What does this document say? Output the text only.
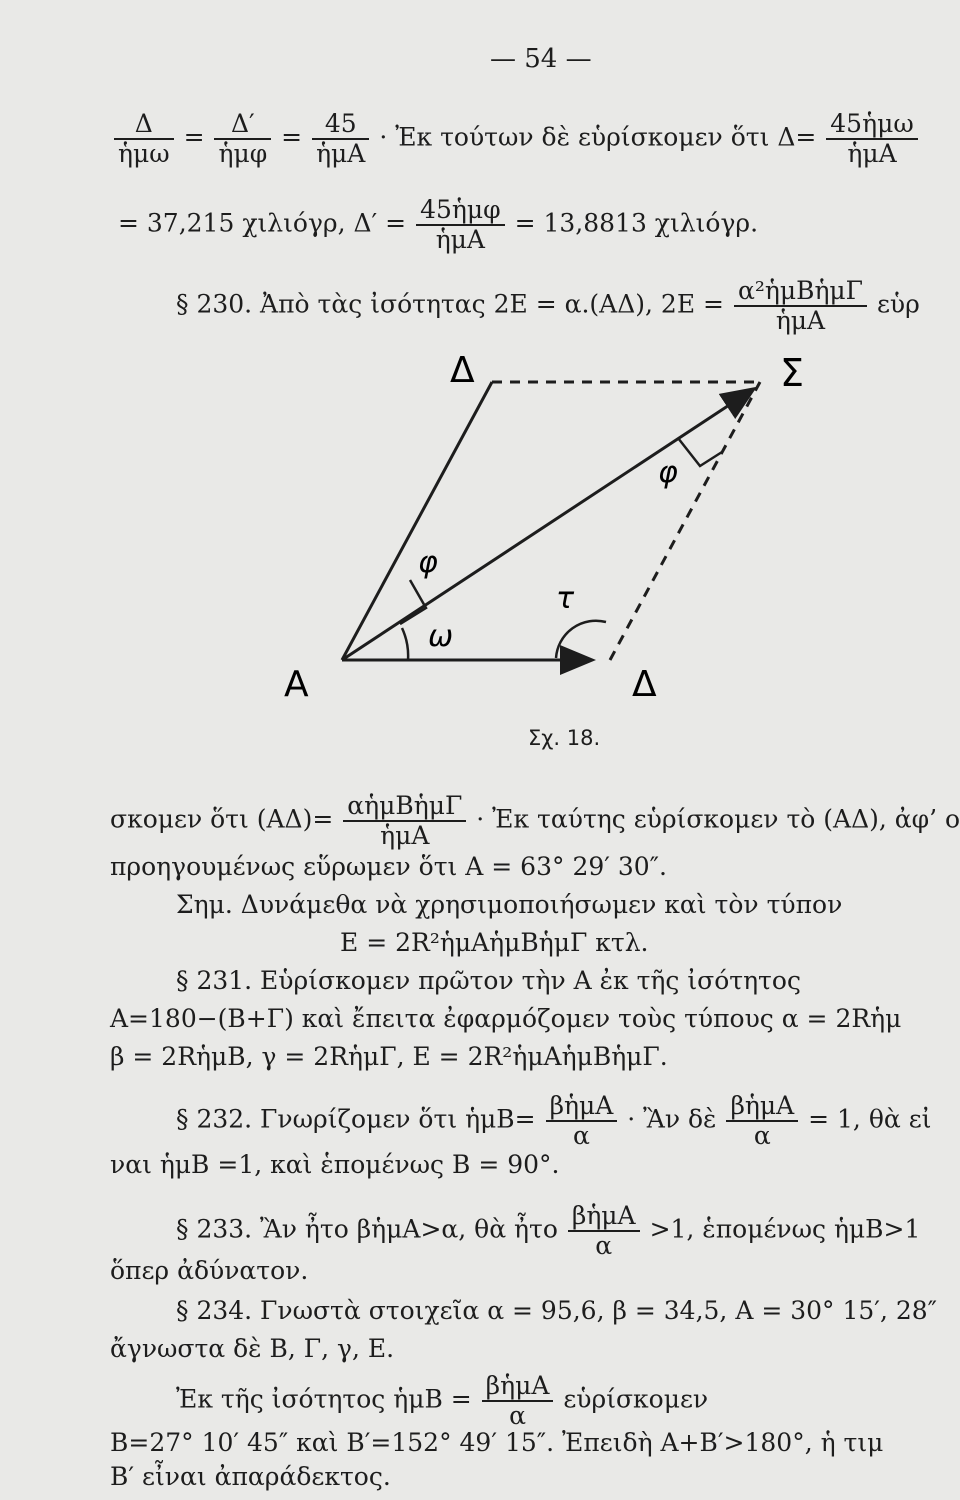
— 54 —
$\frac{\Delta}{\text{ἡμω}} = \frac{\Delta'}{\text{ἡμφ}} = \frac{45}{\text{ἡμΑ}}$ · Ἐκ τούτων δὲ εὑρίσκομεν ὅτι $\Delta= \frac{\text{45ἡμω}}{\text{ἡμΑ}}$
= 37,215 χιλιόγρ, $\Delta' = \frac{\text{45ἡμφ}}{\text{ἡμΑ}} = 13,8813$ χιλιόγρ.
§ 230. Ἀπὸ τὰς ἰσότητας 2Ε = α.(ΑΔ), $2E = \frac{\text{α²ἡμΒἡμΓ}}{\text{ἡμΑ}}$ εὑρ
Δ	Σ
Α	Δ
φ
φ
ω
τ
Σχ. 18.
σκομεν ὅτι $(A\Delta)= \frac{\text{αἡμΒἡμΓ}}{\text{ἡμΑ}}$ · Ἐκ ταύτης εὑρίσκομεν τὸ (ΑΔ), ἀφ’ ο
προηγουμένως εὕρωμεν ὅτι Α = 63° 29′ 30″.
Σημ. Δυνάμεθα νὰ χρησιμοποιήσωμεν καὶ τὸν τύπον
Ε = 2R²ἡμΑἡμΒἡμΓ κτλ.
§ 231. Εὑρίσκομεν πρῶτον τὴν Α ἐκ τῆς ἰσότητος
Α=180−(Β+Γ) καὶ ἔπειτα ἐφαρμόζομεν τοὺς τύπους α = 2Rἡμ
β = 2RἡμΒ, γ = 2RἡμΓ, Ε = 2R²ἡμΑἡμΒἡμΓ.
§ 232. Γνωρίζομεν ὅτι ἡμΒ= $\frac{\text{βἡμΑ}}{\alpha}$ · Ἂν δὲ $\frac{\text{βἡμΑ}}{\alpha} = 1$, θὰ εἰ
ναι ἡμΒ =1, καὶ ἑπομένως Β = 90°.
§ 233. Ἂν ἦτο βἡμΑ>α, θὰ ἦτο $\frac{\text{βἡμΑ}}{\alpha} >1$, ἑπομένως ἡμΒ>1
ὅπερ ἀδύνατον.
§ 234. Γνωστὰ στοιχεῖα α = 95,6, β = 34,5, Α = 30° 15′, 28″
ἄγνωστα δὲ Β, Γ, γ, Ε.
Ἐκ τῆς ἰσότητος ἡμΒ = $\frac{\text{βἡμΑ}}{\alpha}$ εὑρίσκομεν
Β=27° 10′ 45″ καὶ Β′=152° 49′ 15″. Ἐπειδὴ Α+Β′>180°, ἡ τιμ
Β′ εἶναι ἀπαράδεκτος.
